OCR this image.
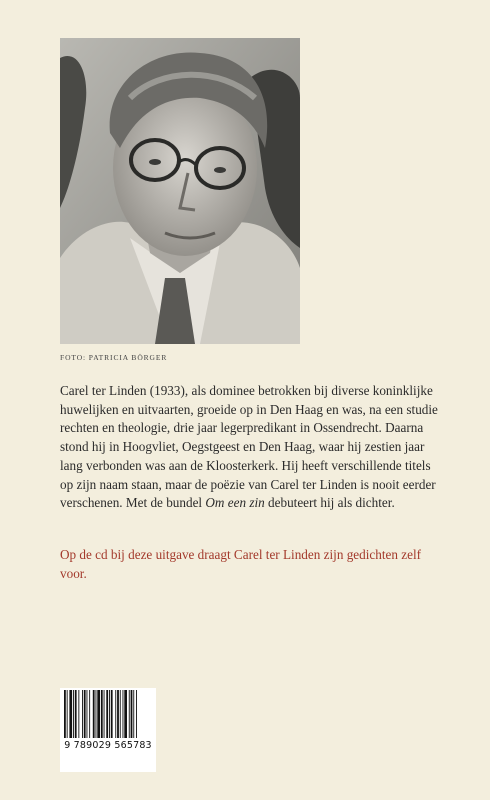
FOTO: PATRICIA BÖRGER

Carel ter Linden (1933), als dominee betrokken bij diverse koninklijke huwelijken en uitvaarten, groeide op in Den Haag en was, na een studie rechten en theologie, drie jaar legerpredikant in Ossendrecht. Daarna stond hij in Hoogvliet, Oegstgeest en Den Haag, waar hij zestien jaar lang verbonden was aan de Kloosterkerk. Hij heeft verschillende titels op zijn naam staan, maar de poëzie van Carel ter Linden is nooit eerder verschenen. Met de bundel Om een zin debuteert hij als dichter.

Op de cd bij deze uitgave draagt Carel ter Linden zijn gedichten zelf voor.
9 789029 565783
